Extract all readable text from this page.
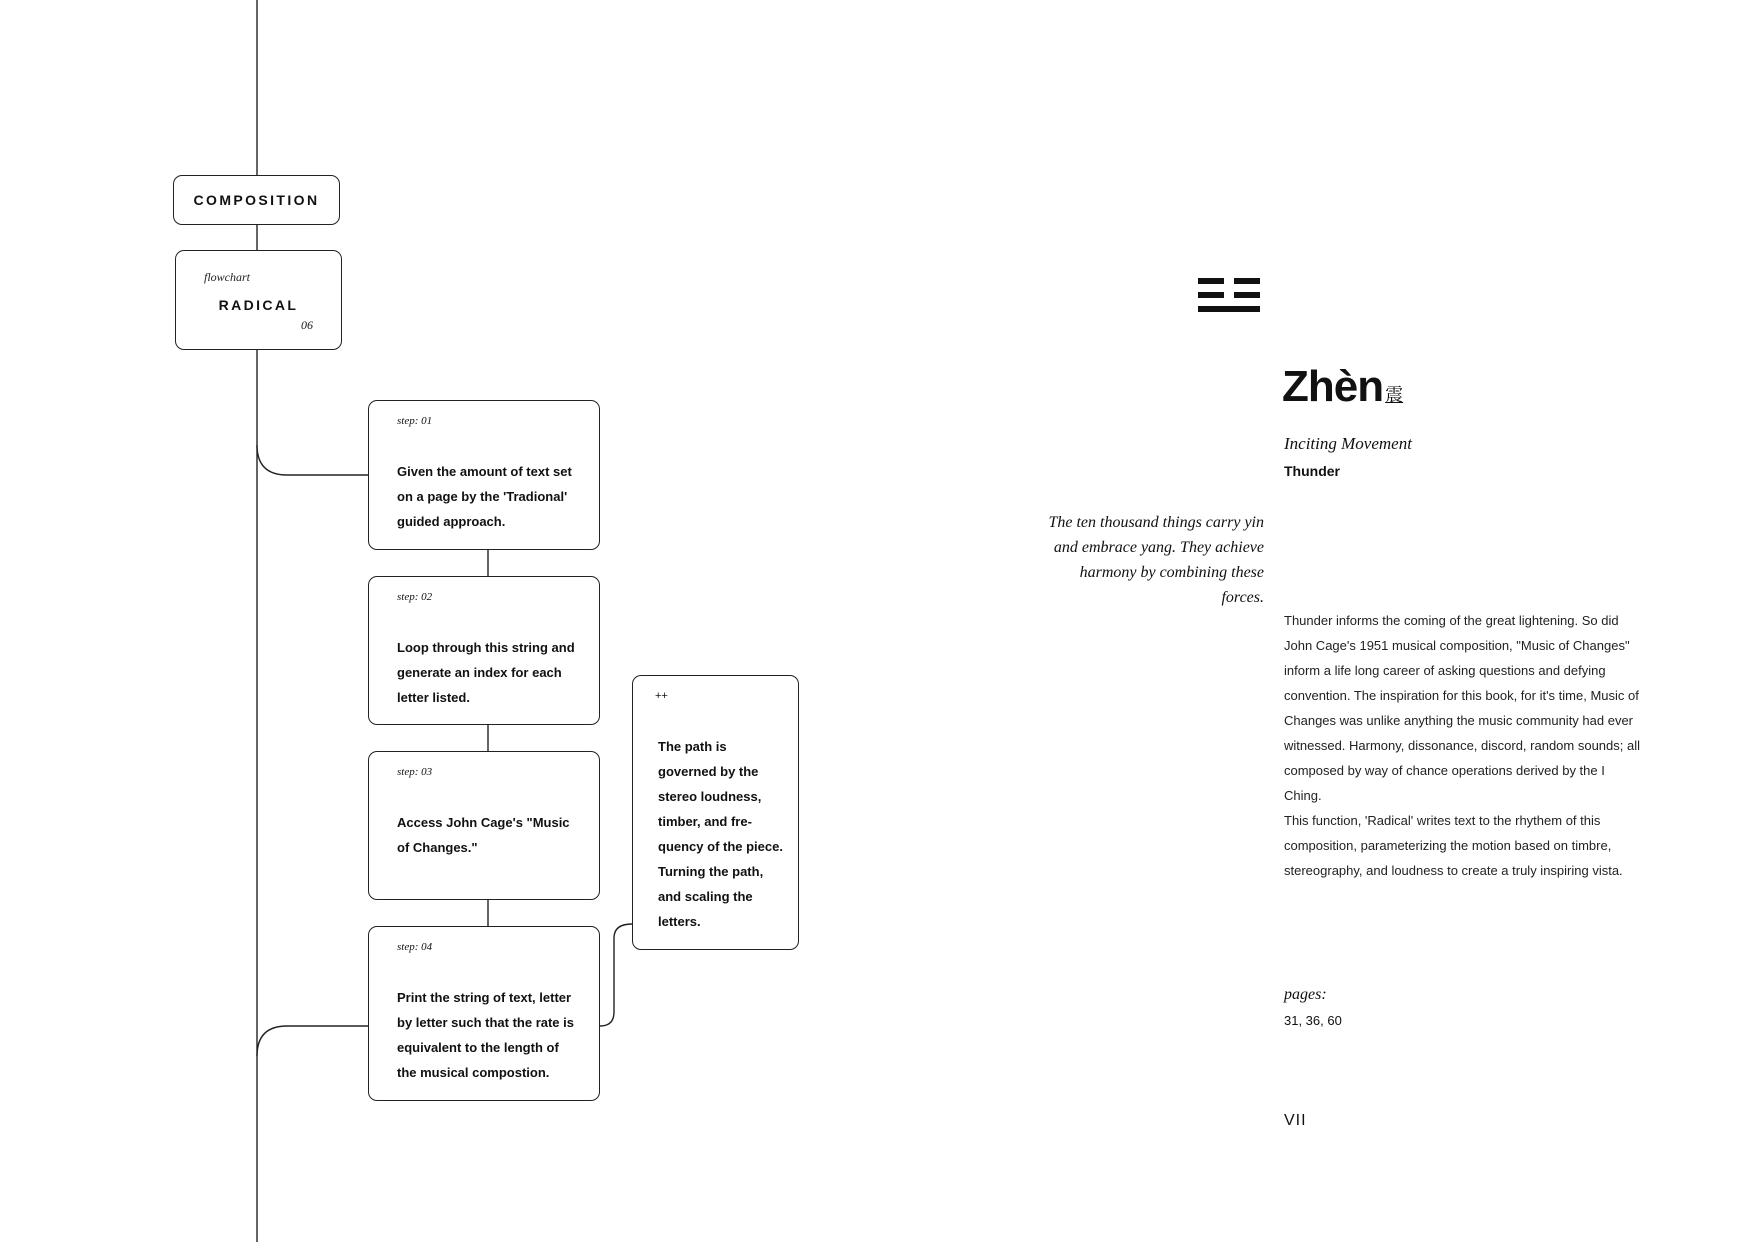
COMPOSITION
flowchart
RADICAL
06
step: 01
Given the amount of text set on a page by the 'Tradional' guided approach.
step: 02
Loop through this string and generate an index for each letter listed.
step: 03
Access John Cage's "Music of Changes."
step: 04
Print the string of text, letter by letter such that the rate is equivalent to the length of the musical compostion.
++
The path is governed by the stereo loudness, timber, and fre-quency of the piece. Turning the path, and scaling the letters.
Zhèn 震
Inciting Movement
Thunder
The ten thousand things carry yin and embrace yang. They achieve harmony by combining these forces.
Thunder informs the coming of the great lightening. So did John Cage's 1951 musical composition, "Music of Changes" inform a life long career of asking questions and defying convention. The inspiration for this book, for it's time, Music of Changes was unlike anything the music community had ever witnessed. Harmony, dissonance, discord, random sounds; all composed by way of chance operations derived by the I Ching.
This function, 'Radical' writes text to the rhythem of this composition, parameterizing the motion based on timbre, stereography, and loudness to create a truly inspiring vista.
pages:
31, 36, 60
VII
